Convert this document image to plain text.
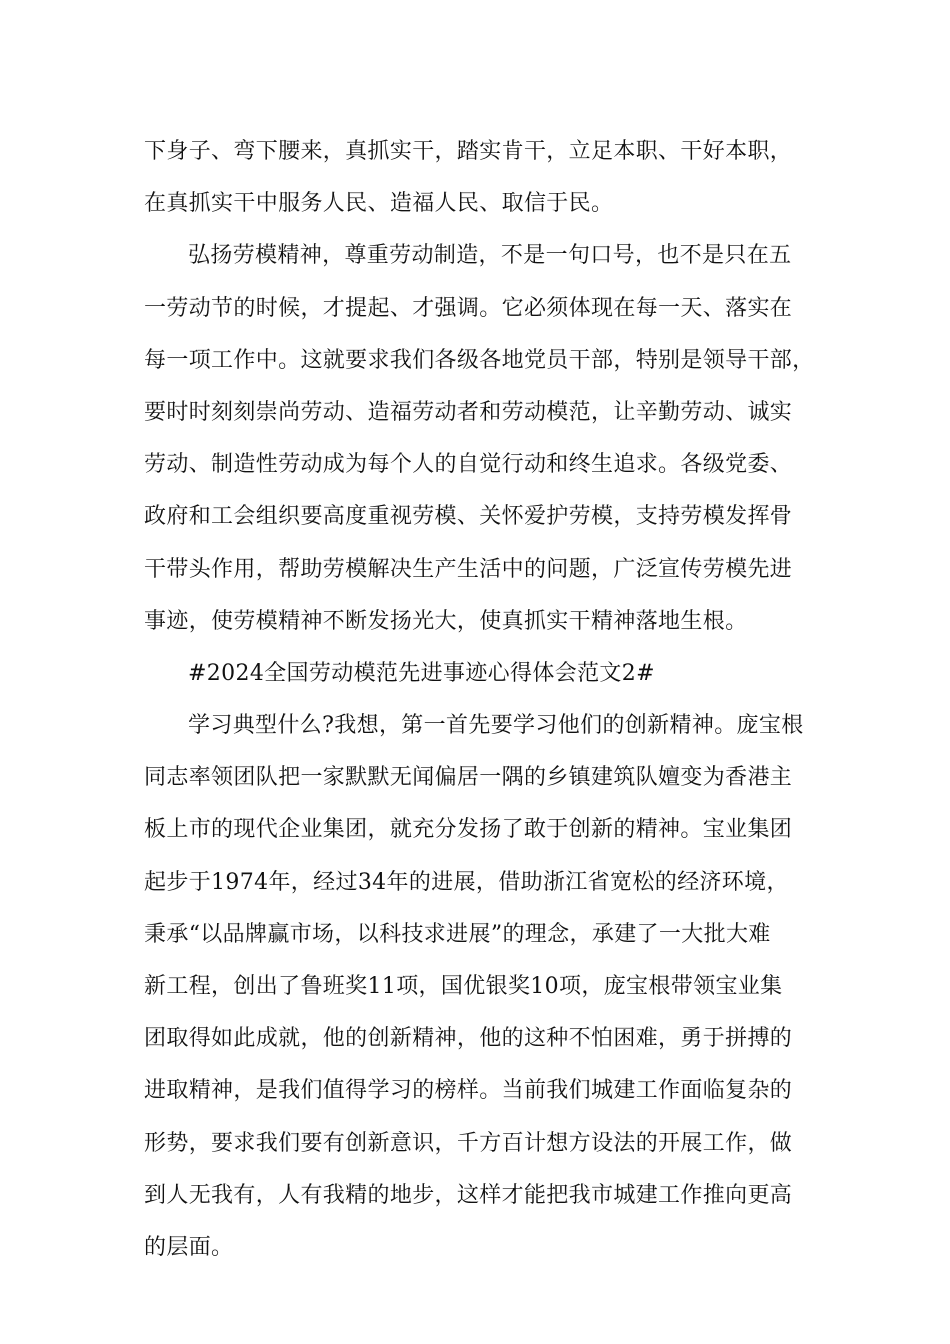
下身子、弯下腰来，真抓实干，踏实肯干，立足本职、干好本职，
在真抓实干中服务人民、造福人民、取信于民。
弘扬劳模精神，尊重劳动制造，不是一句口号，也不是只在五
一劳动节的时候，才提起、才强调。它必须体现在每一天、落实在
每一项工作中。这就要求我们各级各地党员干部，特别是领导干部，
要时时刻刻崇尚劳动、造福劳动者和劳动模范，让辛勤劳动、诚实
劳动、制造性劳动成为每个人的自觉行动和终生追求。各级党委、
政府和工会组织要高度重视劳模、关怀爱护劳模，支持劳模发挥骨
干带头作用，帮助劳模解决生产生活中的问题，广泛宣传劳模先进
事迹，使劳模精神不断发扬光大，使真抓实干精神落地生根。
#2024全国劳动模范先进事迹心得体会范文2#
学习典型什么?我想，第一首先要学习他们的创新精神。庞宝根
同志率领团队把一家默默无闻偏居一隅的乡镇建筑队嬗变为香港主
板上市的现代企业集团，就充分发扬了敢于创新的精神。宝业集团
起步于1974年，经过34年的进展，借助浙江省宽松的经济环境，
秉承“以品牌赢市场，以科技求进展”的理念，承建了一大批大难
新工程，创出了鲁班奖11项，国优银奖10项，庞宝根带领宝业集
团取得如此成就，他的创新精神，他的这种不怕困难，勇于拼搏的
进取精神，是我们值得学习的榜样。当前我们城建工作面临复杂的
形势，要求我们要有创新意识，千方百计想方设法的开展工作，做
到人无我有，人有我精的地步，这样才能把我市城建工作推向更高
的层面。
